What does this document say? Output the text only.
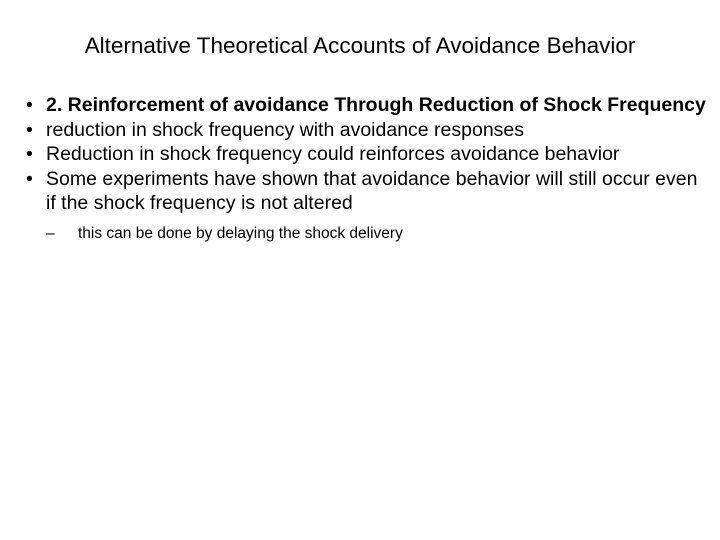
Alternative Theoretical Accounts of Avoidance Behavior
• 2. Reinforcement of avoidance Through Reduction of Shock Frequency
• reduction in shock frequency with avoidance responses
• Reduction in shock frequency could reinforces avoidance behavior
• Some experiments have shown that avoidance behavior will still occur even if the shock frequency is not altered
– this can be done by delaying the shock delivery
